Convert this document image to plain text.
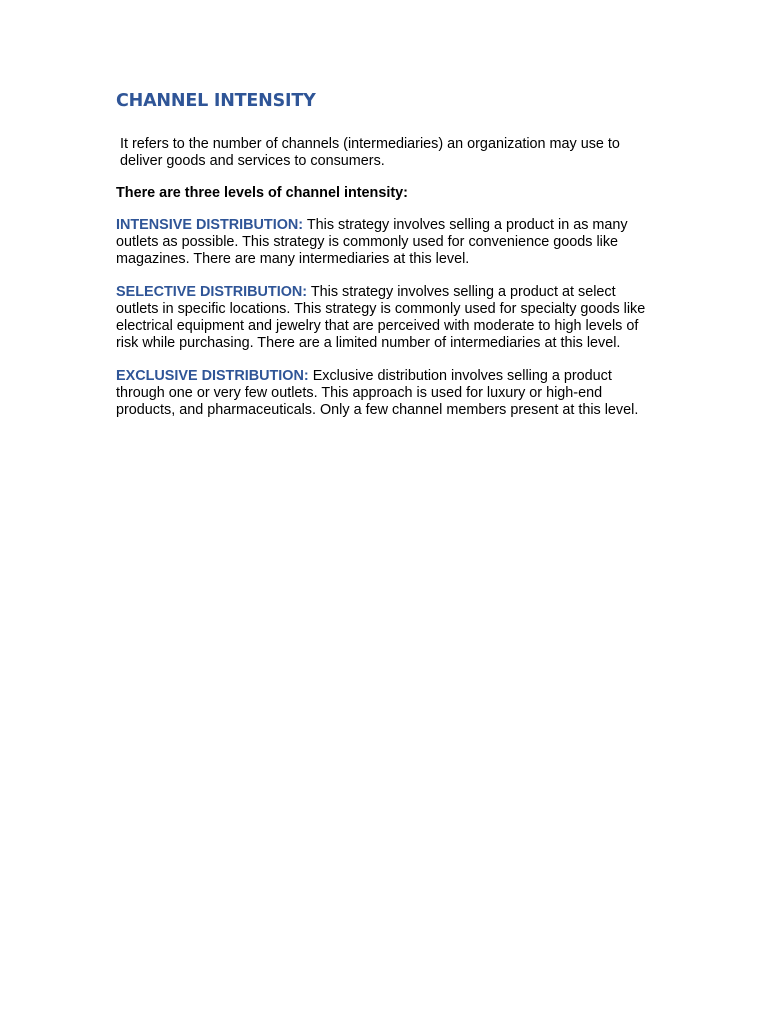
CHANNEL INTENSITY

It refers to the number of channels (intermediaries) an organization may use to deliver goods and services to consumers.

There are three levels of channel intensity:

INTENSIVE DISTRIBUTION: This strategy involves selling a product in as many outlets as possible. This strategy is commonly used for convenience goods like magazines. There are many intermediaries at this level.

SELECTIVE DISTRIBUTION: This strategy involves selling a product at select outlets in specific locations. This strategy is commonly used for specialty goods like electrical equipment and jewelry that are perceived with moderate to high levels of risk while purchasing. There are a limited number of intermediaries at this level.

EXCLUSIVE DISTRIBUTION: Exclusive distribution involves selling a product through one or very few outlets. This approach is used for luxury or high-end products, and pharmaceuticals. Only a few channel members present at this level.
